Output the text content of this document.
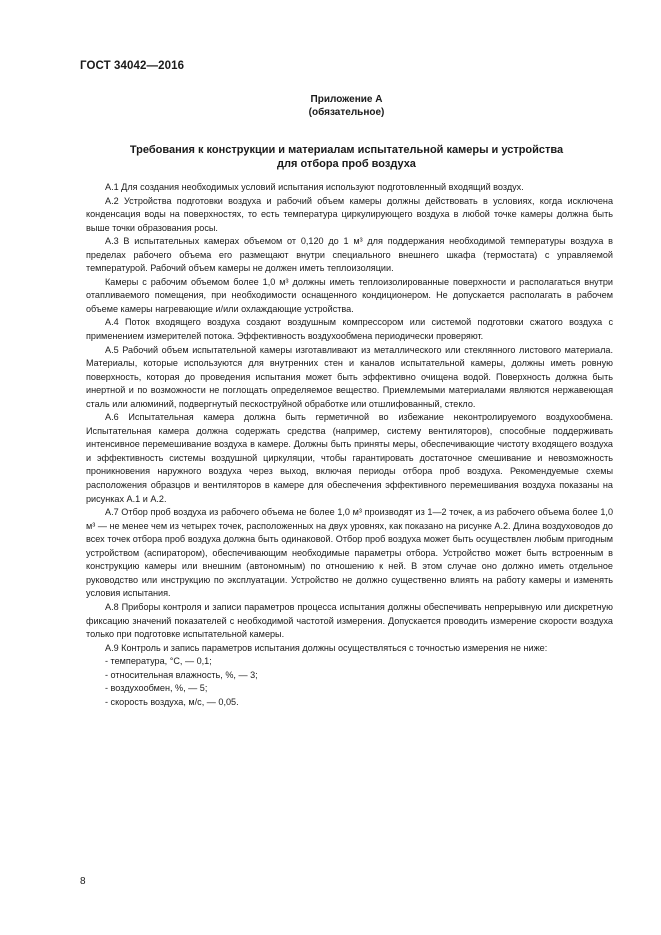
ГОСТ 34042—2016
Приложение А
(обязательное)
Требования к конструкции и материалам испытательной камеры и устройства
для отбора проб воздуха

А.1 Для создания необходимых условий испытания используют подготовленный входящий воздух.

А.2 Устройства подготовки воздуха и рабочий объем камеры должны действовать в условиях, когда исключена конденсация воды на поверхностях, то есть температура циркулирующего воздуха в любой точке камеры должна быть выше точки образования росы.

А.3 В испытательных камерах объемом от 0,120 до 1 м³ для поддержания необходимой температуры воздуха в пределах рабочего объема его размещают внутри специального внешнего шкафа (термостата) с управляемой температурой. Рабочий объем камеры не должен иметь теплоизоляции.

Камеры с рабочим объемом более 1,0 м³ должны иметь теплоизолированные поверхности и располагаться внутри отапливаемого помещения, при необходимости оснащенного кондиционером. Не допускается располагать в рабочем объеме камеры нагревающие и/или охлаждающие устройства.

А.4 Поток входящего воздуха создают воздушным компрессором или системой подготовки сжатого воздуха с применением измерителей потока. Эффективность воздухообмена периодически проверяют.

А.5 Рабочий объем испытательной камеры изготавливают из металлического или стеклянного листового материала. Материалы, которые используются для внутренних стен и каналов испытательной камеры, должны иметь ровную поверхность, которая до проведения испытания может быть эффективно очищена водой. Поверхность должна быть инертной и по возможности не поглощать определяемое вещество. Приемлемыми материалами являются нержавеющая сталь или алюминий, подвергнутый пескоструйной обработке или отшлифованный, стекло.

А.6 Испытательная камера должна быть герметичной во избежание неконтролируемого воздухообмена. Испытательная камера должна содержать средства (например, систему вентиляторов), способные поддерживать интенсивное перемешивание воздуха в камере. Должны быть приняты меры, обеспечивающие чистоту входящего воздуха и эффективность системы воздушной циркуляции, чтобы гарантировать достаточное смешивание и невозможность проникновения наружного воздуха через выход, включая периоды отбора проб воздуха. Рекомендуемые схемы расположения образцов и вентиляторов в камере для обеспечения эффективного перемешивания воздуха показаны на рисунках А.1 и А.2.

А.7 Отбор проб воздуха из рабочего объема не более 1,0 м³ производят из 1—2 точек, а из рабочего объема более 1,0 м³ — не менее чем из четырех точек, расположенных на двух уровнях, как показано на рисунке А.2. Длина воздуховодов до всех точек отбора проб воздуха должна быть одинаковой. Отбор проб воздуха может быть осуществлен любым пригодным устройством (аспиратором), обеспечивающим необходимые параметры отбора. Устройство может быть встроенным в конструкцию камеры или внешним (автономным) по отношению к ней. В этом случае оно должно иметь отдельное руководство или инструкцию по эксплуатации. Устройство не должно существенно влиять на работу камеры и изменять условия испытания.

А.8 Приборы контроля и записи параметров процесса испытания должны обеспечивать непрерывную или дискретную фиксацию значений показателей с необходимой частотой измерения. Допускается проводить измерение скорости воздуха только при подготовке испытательной камеры.

А.9 Контроль и запись параметров испытания должны осуществляться с точностью измерения не ниже:

- температура, °С, — 0,1;

- относительная влажность, %, — 3;

- воздухообмен, %, — 5;

- скорость воздуха, м/с, — 0,05.

8
